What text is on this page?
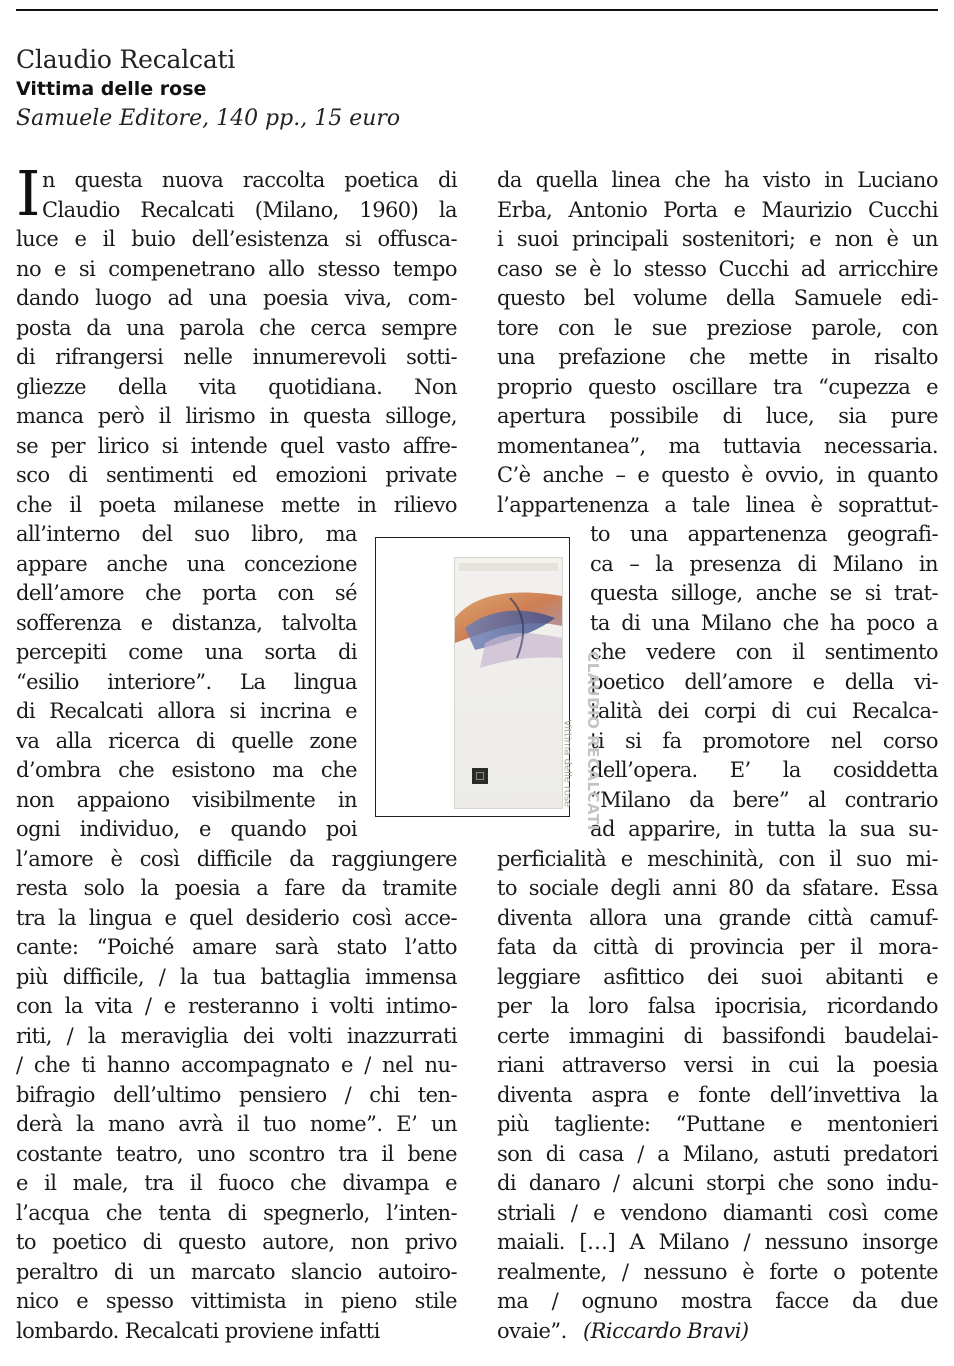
Claudio Recalcati
Vittima delle rose
Samuele Editore, 140 pp., 15 euro
I n questa nuova raccolta poetica di

Claudio Recalcati (Milano, 1960) la

luce e il buio dell’esistenza si offusca-

no e si compenetrano allo stesso tempo

dando luogo ad una poesia viva, com-

posta da una parola che cerca sempre

di rifrangersi nelle innumerevoli sotti-

gliezze della vita quotidiana. Non

manca però il lirismo in questa silloge,

se per lirico si intende quel vasto affre-

sco di sentimenti ed emozioni private

che il poeta milanese mette in rilievo

all’interno del suo libro, ma

appare anche una concezione

dell’amore che porta con sé

sofferenza e distanza, talvolta

percepiti come una sorta di

“esilio interiore”. La lingua

di Recalcati allora si incrina e

va alla ricerca di quelle zone

d’ombra che esistono ma che

non appaiono visibilmente in

ogni individuo, e quando poi

l’amore è così difficile da raggiungere

resta solo la poesia a fare da tramite

tra la lingua e quel desiderio così acce-

cante: “Poiché amare sarà stato l’atto

più difficile, / la tua battaglia immensa

con la vita / e resteranno i volti intimo-

riti, / la meraviglia dei volti inazzurrati

/ che ti hanno accompagnato e / nel nu-

bifragio dell’ultimo pensiero / chi ten-

derà la mano avrà il tuo nome”. E’ un

costante teatro, uno scontro tra il bene

e il male, tra il fuoco che divampa e

l’acqua che tenta di spegnerlo, l’inten-

to poetico di questo autore, non privo

peraltro di un marcato slancio autoiro-

nico e spesso vittimista in pieno stile

lombardo. Recalcati proviene infatti

da quella linea che ha visto in Luciano

Erba, Antonio Porta e Maurizio Cucchi

i suoi principali sostenitori; e non è un

caso se è lo stesso Cucchi ad arricchire

questo bel volume della Samuele edi-

tore con le sue preziose parole, con

una prefazione che mette in risalto

proprio questo oscillare tra “cupezza e

apertura possibile di luce, sia pure

momentanea”, ma tuttavia necessaria.

C’è anche – e questo è ovvio, in quanto

l’appartenenza a tale linea è soprattut-

to una appartenenza geografi-

ca – la presenza di Milano in

questa silloge, anche se si trat-

ta di una Milano che ha poco a

che vedere con il sentimento

poetico dell’amore e della vi-

talità dei corpi di cui Recalca-

ti si fa promotore nel corso

dell’opera. E’ la cosiddetta

“Milano da bere” al contrario

ad apparire, in tutta la sua su-

perficialità e meschinità, con il suo mi-

to sociale degli anni 80 da sfatare. Essa

diventa allora una grande città camuf-

fata da città di provincia per il mora-

leggiare asfittico dei suoi abitanti e

per la loro falsa ipocrisia, ricordando

certe immagini di bassifondi baudelai-

riani attraverso versi in cui la poesia

diventa aspra e fonte dell’invettiva la

più tagliente: “Puttane e mentonieri

son di casa / a Milano, astuti predatori

di danaro / alcuni storpi che sono indu-

striali / e vendono diamanti così come

maiali. […] A Milano / nessuno insorge

realmente, / nessuno è forte o potente

ma / ognuno mostra facce da due

ovaie”. (Riccardo Bravi)
CLAUDIO RECALCATI
Vittima delle rose
